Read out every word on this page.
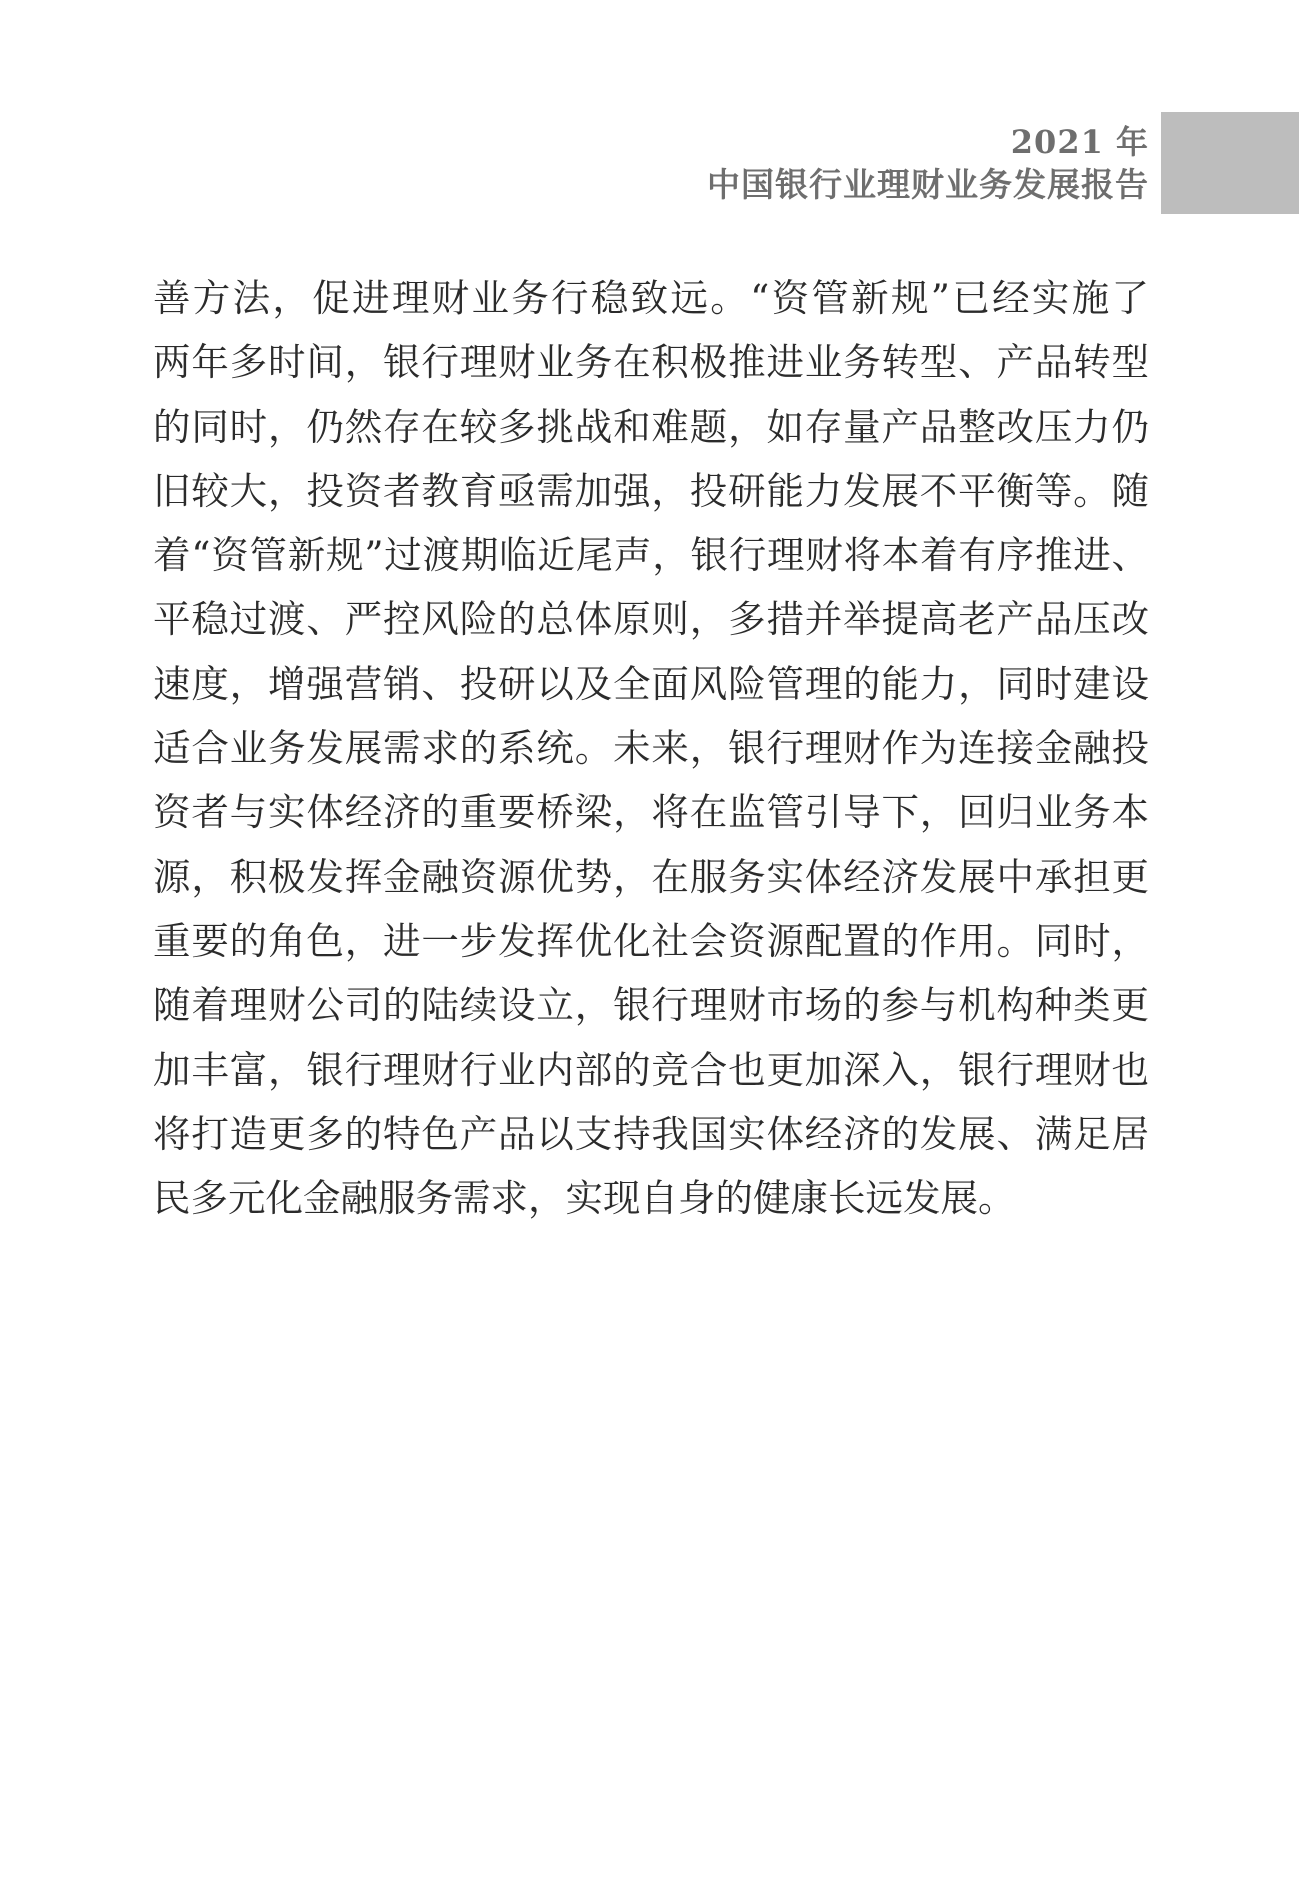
2021 年
中国银行业理财业务发展报告
善方法，促进理财业务行稳致远。“资管新规”已经实施了
两年多时间，银行理财业务在积极推进业务转型、产品转型
的同时，仍然存在较多挑战和难题，如存量产品整改压力仍
旧较大，投资者教育亟需加强，投研能力发展不平衡等。随
着“资管新规”过渡期临近尾声，银行理财将本着有序推进、
平稳过渡、严控风险的总体原则，多措并举提高老产品压改
速度，增强营销、投研以及全面风险管理的能力，同时建设
适合业务发展需求的系统。未来，银行理财作为连接金融投
资者与实体经济的重要桥梁，将在监管引导下，回归业务本
源，积极发挥金融资源优势，在服务实体经济发展中承担更
重要的角色，进一步发挥优化社会资源配置的作用。同时，
随着理财公司的陆续设立，银行理财市场的参与机构种类更
加丰富，银行理财行业内部的竞合也更加深入，银行理财也
将打造更多的特色产品以支持我国实体经济的发展、满足居
民多元化金融服务需求，实现自身的健康长远发展。
